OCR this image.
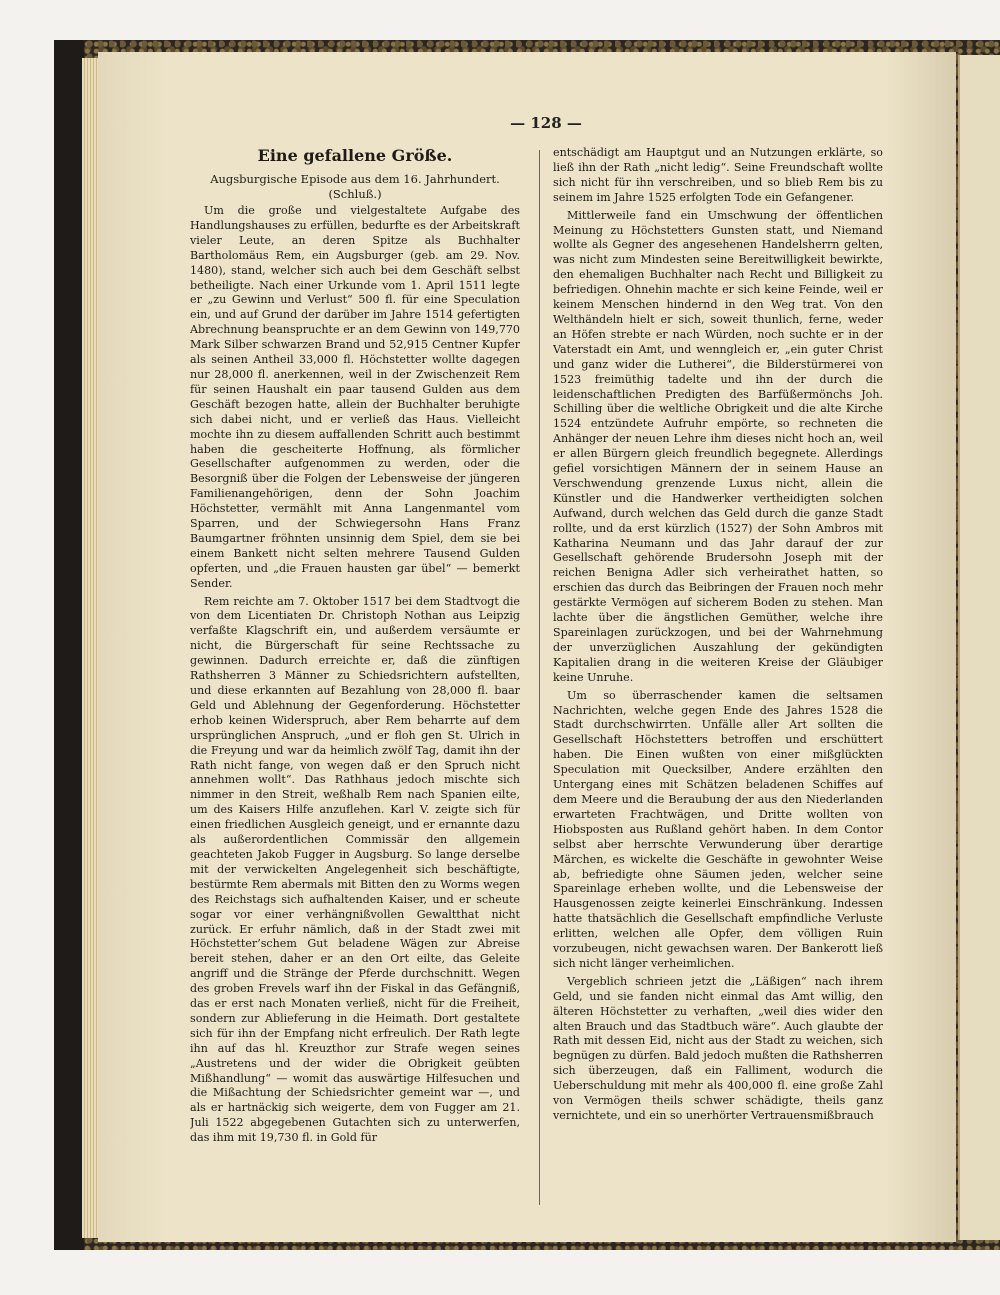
— 128 —
Eine gefallene Größe.
Augsburgische Episode aus dem 16. Jahrhundert.
(Schluß.)

Um die große und vielgestaltete Aufgabe des Handlungshauses zu erfüllen, bedurfte es der Arbeitskraft vieler Leute, an deren Spitze als Buchhalter Bartholomäus Rem, ein Augsburger (geb. am 29. Nov. 1480), stand, welcher sich auch bei dem Geschäft selbst betheiligte. Nach einer Urkunde vom 1. April 1511 legte er „zu Gewinn und Verlust“ 500 fl. für eine Speculation ein, und auf Grund der darüber im Jahre 1514 gefertigten Abrechnung beanspruchte er an dem Gewinn von 149,770 Mark Silber schwarzen Brand und 52,915 Centner Kupfer als seinen Antheil 33,000 fl. Höchstetter wollte dagegen nur 28,000 fl. anerkennen, weil in der Zwischenzeit Rem für seinen Haushalt ein paar tausend Gulden aus dem Geschäft bezogen hatte, allein der Buchhalter beruhigte sich dabei nicht, und er verließ das Haus. Vielleicht mochte ihn zu diesem auffallenden Schritt auch bestimmt haben die gescheiterte Hoffnung, als förmlicher Gesellschafter aufgenommen zu werden, oder die Besorgniß über die Folgen der Lebensweise der jüngeren Familienangehörigen, denn der Sohn Joachim Höchstetter, vermählt mit Anna Langenmantel vom Sparren, und der Schwiegersohn Hans Franz Baumgartner fröhnten unsinnig dem Spiel, dem sie bei einem Bankett nicht selten mehrere Tausend Gulden opferten, und „die Frauen hausten gar übel“ — bemerkt Sender.

Rem reichte am 7. Oktober 1517 bei dem Stadtvogt die von dem Licentiaten Dr. Christoph Nothan aus Leipzig verfaßte Klagschrift ein, und außerdem versäumte er nicht, die Bürgerschaft für seine Rechtssache zu gewinnen. Dadurch erreichte er, daß die zünftigen Rathsherren 3 Männer zu Schiedsrichtern aufstellten, und diese erkannten auf Bezahlung von 28,000 fl. baar Geld und Ablehnung der Gegenforderung. Höchstetter erhob keinen Widerspruch, aber Rem beharrte auf dem ursprünglichen Anspruch, „und er floh gen St. Ulrich in die Freyung und war da heimlich zwölf Tag, damit ihn der Rath nicht fange, von wegen daß er den Spruch nicht annehmen wollt“. Das Rathhaus jedoch mischte sich nimmer in den Streit, weßhalb Rem nach Spanien eilte, um des Kaisers Hilfe anzuflehen. Karl V. zeigte sich für einen friedlichen Ausgleich geneigt, und er ernannte dazu als außerordentlichen Commissär den allgemein geachteten Jakob Fugger in Augsburg. So lange derselbe mit der verwickelten Angelegenheit sich beschäftigte, bestürmte Rem abermals mit Bitten den zu Worms wegen des Reichstags sich aufhaltenden Kaiser, und er scheute sogar vor einer verhängnißvollen Gewaltthat nicht zurück. Er erfuhr nämlich, daß in der Stadt zwei mit Höchstetter’schem Gut beladene Wägen zur Abreise bereit stehen, daher er an den Ort eilte, das Geleite angriff und die Stränge der Pferde durchschnitt. Wegen des groben Frevels warf ihn der Fiskal in das Gefängniß, das er erst nach Monaten verließ, nicht für die Freiheit, sondern zur Ablieferung in die Heimath. Dort gestaltete sich für ihn der Empfang nicht erfreulich. Der Rath legte ihn auf das hl. Kreuzthor zur Strafe wegen seines „Austretens und der wider die Obrigkeit geübten Mißhandlung“ — womit das auswärtige Hilfesuchen und die Mißachtung der Schiedsrichter gemeint war —, und als er hartnäckig sich weigerte, dem von Fugger am 21. Juli 1522 abgegebenen Gutachten sich zu unterwerfen, das ihm mit 19,730 fl. in Gold für

entschädigt am Hauptgut und an Nutzungen erklärte, so ließ ihn der Rath „nicht ledig“. Seine Freundschaft wollte sich nicht für ihn verschreiben, und so blieb Rem bis zu seinem im Jahre 1525 erfolgten Tode ein Gefangener.

Mittlerweile fand ein Umschwung der öffentlichen Meinung zu Höchstetters Gunsten statt, und Niemand wollte als Gegner des angesehenen Handelsherrn gelten, was nicht zum Mindesten seine Bereitwilligkeit bewirkte, den ehemaligen Buchhalter nach Recht und Billigkeit zu befriedigen. Ohnehin machte er sich keine Feinde, weil er keinem Menschen hindernd in den Weg trat. Von den Welthändeln hielt er sich, soweit thunlich, ferne, weder an Höfen strebte er nach Würden, noch suchte er in der Vaterstadt ein Amt, und wenngleich er, „ein guter Christ und ganz wider die Lutherei“, die Bilderstürmerei von 1523 freimüthig tadelte und ihn der durch die leidenschaftlichen Predigten des Barfüßermönchs Joh. Schilling über die weltliche Obrigkeit und die alte Kirche 1524 entzündete Aufruhr empörte, so rechneten die Anhänger der neuen Lehre ihm dieses nicht hoch an, weil er allen Bürgern gleich freundlich begegnete. Allerdings gefiel vorsichtigen Männern der in seinem Hause an Verschwendung grenzende Luxus nicht, allein die Künstler und die Handwerker vertheidigten solchen Aufwand, durch welchen das Geld durch die ganze Stadt rollte, und da erst kürzlich (1527) der Sohn Ambros mit Katharina Neumann und das Jahr darauf der zur Gesellschaft gehörende Brudersohn Joseph mit der reichen Benigna Adler sich verheirathet hatten, so erschien das durch das Beibringen der Frauen noch mehr gestärkte Vermögen auf sicherem Boden zu stehen. Man lachte über die ängstlichen Gemüther, welche ihre Spareinlagen zurückzogen, und bei der Wahrnehmung der unverzüglichen Auszahlung der gekündigten Kapitalien drang in die weiteren Kreise der Gläubiger keine Unruhe.

Um so überraschender kamen die seltsamen Nachrichten, welche gegen Ende des Jahres 1528 die Stadt durchschwirrten. Unfälle aller Art sollten die Gesellschaft Höchstetters betroffen und erschüttert haben. Die Einen wußten von einer mißglückten Speculation mit Quecksilber, Andere erzählten den Untergang eines mit Schätzen beladenen Schiffes auf dem Meere und die Beraubung der aus den Niederlanden erwarteten Frachtwägen, und Dritte wollten von Hiobsposten aus Rußland gehört haben. In dem Contor selbst aber herrschte Verwunderung über derartige Märchen, es wickelte die Geschäfte in gewohnter Weise ab, befriedigte ohne Säumen jeden, welcher seine Spareinlage erheben wollte, und die Lebensweise der Hausgenossen zeigte keinerlei Einschränkung. Indessen hatte thatsächlich die Gesellschaft empfindliche Verluste erlitten, welchen alle Opfer, dem völligen Ruin vorzubeugen, nicht gewachsen waren. Der Bankerott ließ sich nicht länger verheimlichen.

Vergeblich schrieen jetzt die „Läßigen“ nach ihrem Geld, und sie fanden nicht einmal das Amt willig, den älteren Höchstetter zu verhaften, „weil dies wider den alten Brauch und das Stadtbuch wäre“. Auch glaubte der Rath mit dessen Eid, nicht aus der Stadt zu weichen, sich begnügen zu dürfen. Bald jedoch mußten die Rathsherren sich überzeugen, daß ein Falliment, wodurch die Ueberschuldung mit mehr als 400,000 fl. eine große Zahl von Vermögen theils schwer schädigte, theils ganz vernichtete, und ein so unerhörter Vertrauensmißbrauch
